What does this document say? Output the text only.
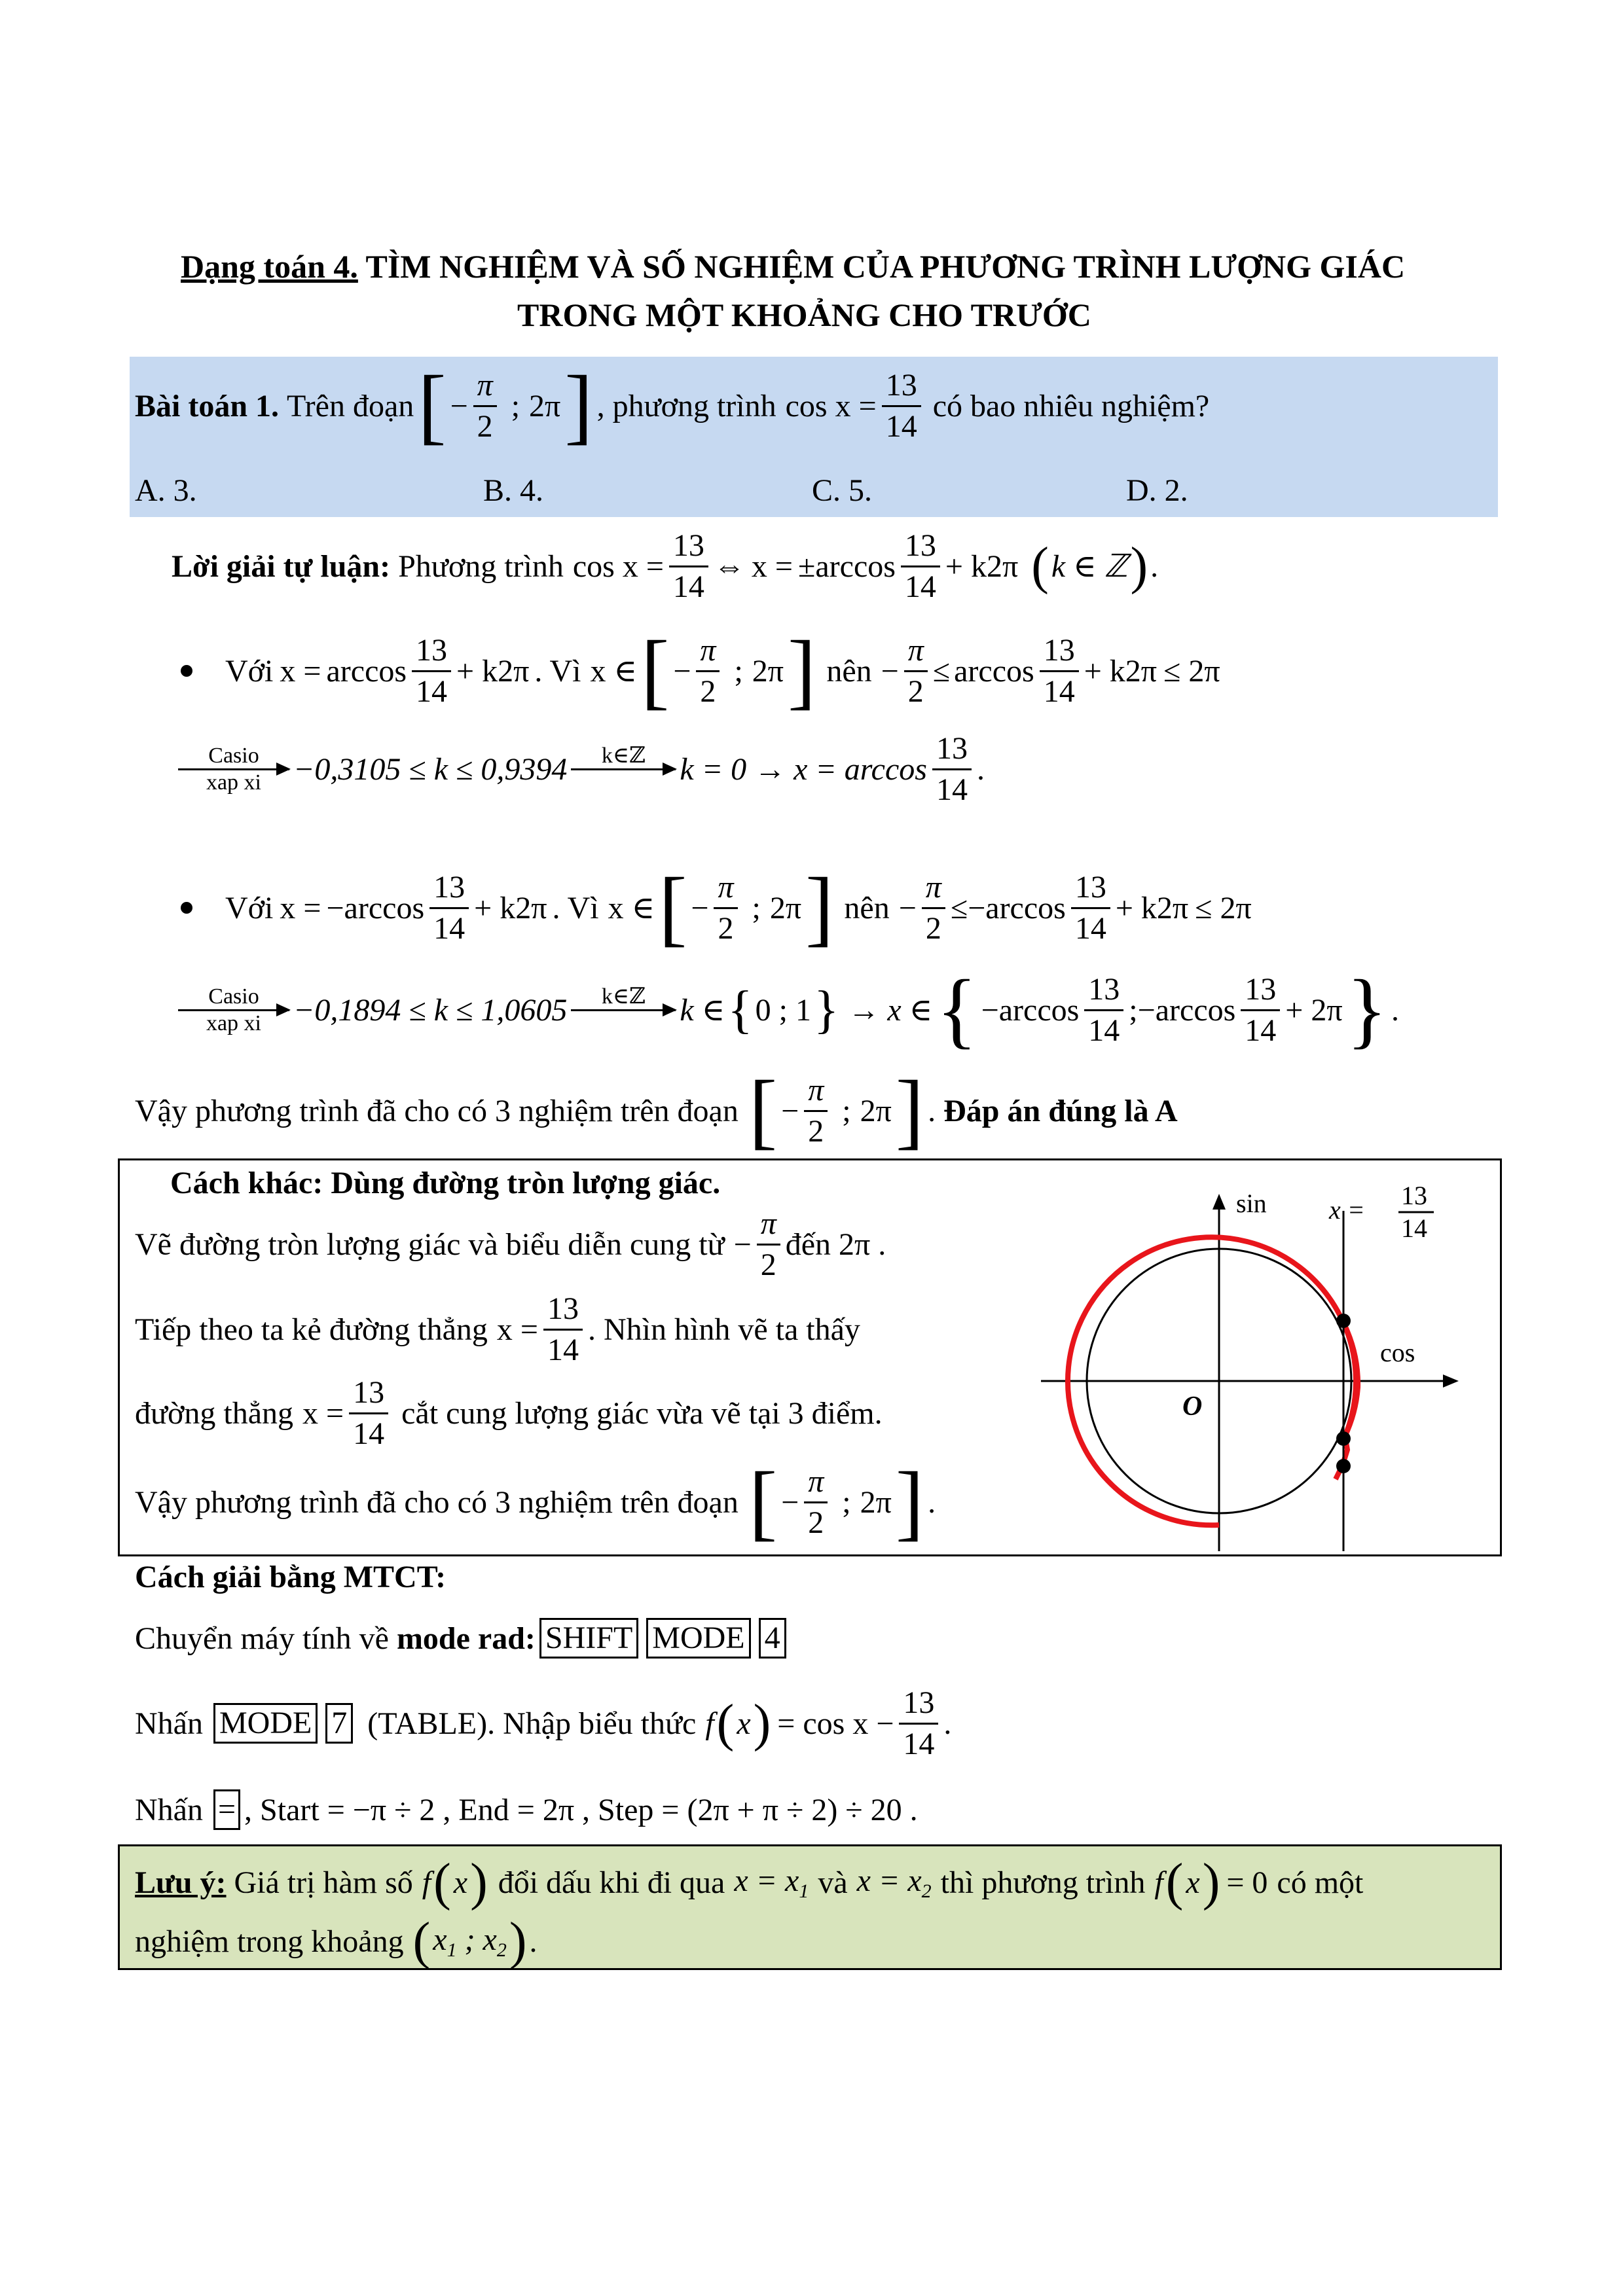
Dạng toán 4. TÌM NGHIỆM VÀ SỐ NGHIỆM CỦA PHƯƠNG TRÌNH LƯỢNG GIÁC
TRONG MỘT KHOẢNG CHO TRƯỚC
Bài toán 1. Trên đoạn [ − $\frac{\pi}{2}$ ; 2π ] , phương trình $\cos x = \frac{13}{14}$ có bao nhiêu nghiệm?
A. 3.	B. 4.	C. 5.	D. 2.
Lời giải tự luận: Phương trình $\cos x = \frac{13}{14}$ ⇔ x = ± $\arccos \frac{13}{14} + k2\pi$ ( k ∈ ℤ ) .
Với $x = \arccos \frac{13}{14} + k2\pi$ . Vì x ∈ [ − $\frac{\pi}{2}$ ; 2π ] nên − $\frac{\pi}{2} \le \arccos \frac{13}{14} + k2\pi \le 2\pi$
Casio
xap xi −0,3105 ≤ k ≤ 0,9394 k∈ℤ
$k = 0 \to x = \arccos \frac{13}{14}$ .
Với x = − $\arccos \frac{13}{14} + k2\pi$ . Vì x ∈ [ − $\frac{\pi}{2}$ ; 2π ] nên − $\frac{\pi}{2}$ ≤ − $\arccos \frac{13}{14} + k2\pi \le 2\pi$
Casio
xap xi −0,1894 ≤ k ≤ 1,0605 k∈ℤ
k ∈ { 0 ; 1 } → x ∈ { − $\arccos \frac{13}{14}$ ; − $\arccos \frac{13}{14} + 2\pi$ } .
Vậy phương trình đã cho có 3 nghiệm trên đoạn [ − $\frac{\pi}{2}$ ; 2π ] . Đáp án đúng là A
Cách khác: Dùng đường tròn lượng giác.
Vẽ đường tròn lượng giác và biểu diễn cung từ − $\frac{\pi}{2}$ đến 2π .
Tiếp theo ta kẻ đường thẳng $x = \frac{13}{14}$ . Nhìn hình vẽ ta thấy
đường thẳng $x = \frac{13}{14}$ cắt cung lượng giác vừa vẽ tại 3 điểm.
Vậy phương trình đã cho có 3 nghiệm trên đoạn [ − $\frac{\pi}{2}$ ; 2π ] .
sin
cos
O
x = 13
14
Cách giải bằng MTCT:
Chuyển máy tính về mode rad: SHIFT MODE 4
Nhấn MODE 7 (TABLE). Nhập biểu thức f ( x ) = $\cos x - \frac{13}{14}$ .
Nhấn = , Start = −π ÷ 2 , End = 2π , Step = (2π + π ÷ 2) ÷ 20 .
Lưu ý: Giá trị hàm số f ( x ) đổi dấu khi đi qua $x = x_1$ và $x = x_2$ thì phương trình f ( x ) = 0 có một
nghiệm trong khoảng ( $x_1$ ; $x_2$ ) .
